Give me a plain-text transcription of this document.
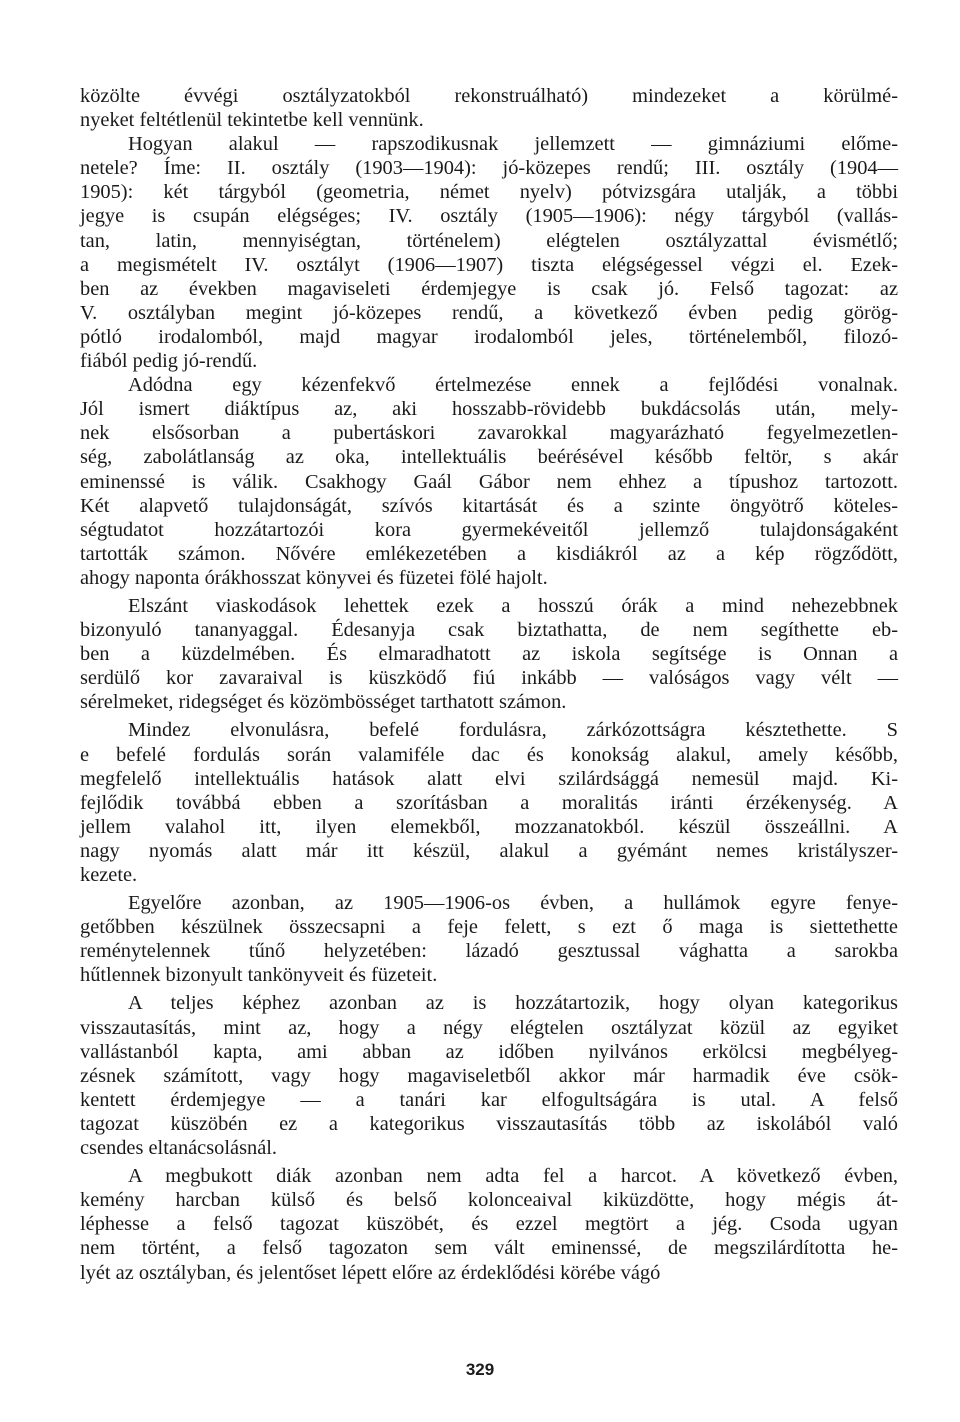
közölte évvégi osztályzatokból rekonstruálható) mindezeket a körülmé-
nyeket feltétlenül tekintetbe kell vennünk.
Hogyan alakul — rapszodikusnak jellemzett — gimnáziumi előme-
netele? Íme: II. osztály (1903—1904): jó-közepes rendű; III. osztály (1904—
1905): két tárgyból (geometria, német nyelv) pótvizsgára utalják, a többi
jegye is csupán elégséges; IV. osztály (1905—1906): négy tárgyból (vallás-
tan, latin, mennyiségtan, történelem) elégtelen osztályzattal évismétlő;
a megismételt IV. osztályt (1906—1907) tiszta elégségessel végzi el. Ezek-
ben az években magaviseleti érdemjegye is csak jó. Felső tagozat: az
V. osztályban megint jó-közepes rendű, a következő évben pedig görög-
pótló irodalomból, majd magyar irodalomból jeles, történelemből, filozó-
fiából pedig jó-rendű.
Adódna egy kézenfekvő értelmezése ennek a fejlődési vonalnak.
Jól ismert diáktípus az, aki hosszabb-rövidebb bukdácsolás után, mely-
nek elsősorban a pubertáskori zavarokkal magyarázható fegyelmezetlen-
ség, zabolátlanság az oka, intellektuális beérésével később feltör, s akár
eminenssé is válik. Csakhogy Gaál Gábor nem ehhez a típushoz tartozott.
Két alapvető tulajdonságát, szívós kitartását és a szinte öngyötrő köteles-
ségtudatot hozzátartozói kora gyermekéveitől jellemző tulajdonságaként
tartották számon. Nővére emlékezetében a kisdiákról az a kép rögződött,
ahogy naponta órákhosszat könyvei és füzetei fölé hajolt.
Elszánt viaskodások lehettek ezek a hosszú órák a mind nehezebbnek
bizonyuló tananyaggal. Édesanyja csak biztathatta, de nem segíthette eb-
ben a küzdelmében. És elmaradhatott az iskola segítsége is Onnan a
serdülő kor zavaraival is küszködő fiú inkább — valóságos vagy vélt —
sérelmeket, ridegséget és közömbösséget tarthatott számon.
Mindez elvonulásra, befelé fordulásra, zárkózottságra késztethette. S
e befelé fordulás során valamiféle dac és konokság alakul, amely később,
megfelelő intellektuális hatások alatt elvi szilárdsággá nemesül majd. Ki-
fejlődik továbbá ebben a szorításban a moralitás iránti érzékenység. A
jellem valahol itt, ilyen elemekből, mozzanatokból. készül összeállni. A
nagy nyomás alatt már itt készül, alakul a gyémánt nemes kristályszer-
kezete.
Egyelőre azonban, az 1905—1906-os évben, a hullámok egyre fenye-
getőbben készülnek összecsapni a feje felett, s ezt ő maga is siettethette
reménytelennek tűnő helyzetében: lázadó gesztussal vághatta a sarokba
hűtlennek bizonyult tankönyveit és füzeteit.
A teljes képhez azonban az is hozzátartozik, hogy olyan kategorikus
visszautasítás, mint az, hogy a négy elégtelen osztályzat közül az egyiket
vallástanból kapta, ami abban az időben nyilvános erkölcsi megbélyeg-
zésnek számított, vagy hogy magaviseletből akkor már harmadik éve csök-
kentett érdemjegye — a tanári kar elfogultságára is utal. A felső
tagozat küszöbén ez a kategorikus visszautasítás több az iskolából való
csendes eltanácsolásnál.
A megbukott diák azonban nem adta fel a harcot. A következő évben,
kemény harcban külső és belső kolonceaival kiküzdötte, hogy mégis át-
léphesse a felső tagozat küszöbét, és ezzel megtört a jég. Csoda ugyan
nem történt, a felső tagozaton sem vált eminenssé, de megszilárdította he-
lyét az osztályban, és jelentőset lépett előre az érdeklődési körébe vágó
329
